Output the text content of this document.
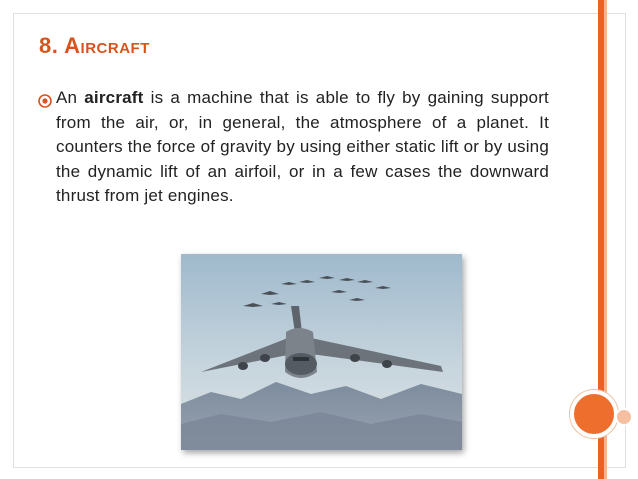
8. Aircraft
An aircraft is a machine that is able to fly by gaining support from the air, or, in general, the atmosphere of a planet. It counters the force of gravity by using either static lift or by using the dynamic lift of an airfoil, or in a few cases the downward thrust from jet engines.
